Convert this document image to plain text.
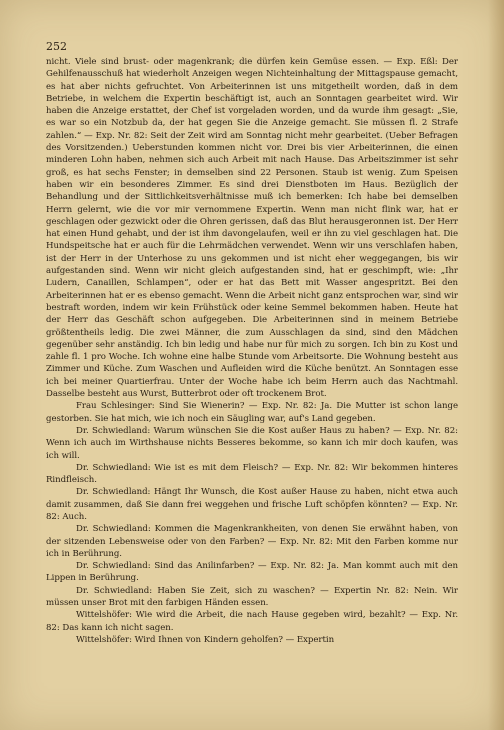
252

nicht. Viele sind brust- oder magenkrank; die dürfen kein Gemüse essen. — Exp. Eßl: Der Gehilfenausschuß hat wiederholt Anzeigen wegen Nichteinhaltung der Mittagspause gemacht, es hat aber nichts gefruchtet. Von Arbeiterinnen ist uns mitgetheilt worden, daß in dem Betriebe, in welchem die Expertin beschäftigt ist, auch an Sonntagen gearbeitet wird. Wir haben die Anzeige erstattet, der Chef ist vorgeladen worden, und da wurde ihm gesagt: „Sie, es war so ein Notzbub da, der hat gegen Sie die Anzeige gemacht. Sie müssen fl. 2 Strafe zahlen.“ — Exp. Nr. 82: Seit der Zeit wird am Sonntag nicht mehr gearbeitet. (Ueber Befragen des Vorsitzenden.) Ueberstunden kommen nicht vor. Drei bis vier Arbeiterinnen, die einen minderen Lohn haben, nehmen sich auch Arbeit mit nach Hause. Das Arbeitszimmer ist sehr groß, es hat sechs Fenster; in demselben sind 22 Personen. Staub ist wenig. Zum Speisen haben wir ein besonderes Zimmer. Es sind drei Dienstboten im Haus. Bezüglich der Behandlung und der Sittlichkeitsverhältnisse muß ich bemerken: Ich habe bei demselben Herrn gelernt, wie die vor mir vernommene Expertin. Wenn man nicht flink war, hat er geschlagen oder gezwickt oder die Ohren gerissen, daß das Blut herausgeronnen ist. Der Herr hat einen Hund gehabt, und der ist ihm davongelaufen, weil er ihn zu viel geschlagen hat. Die Hundspeitsche hat er auch für die Lehrmädchen verwendet. Wenn wir uns verschlafen haben, ist der Herr in der Unterhose zu uns gekommen und ist nicht eher weggegangen, bis wir aufgestanden sind. Wenn wir nicht gleich aufgestanden sind, hat er geschimpft, wie: „Ihr Ludern, Canaillen, Schlampen“, oder er hat das Bett mit Wasser angespritzt. Bei den Arbeiterinnen hat er es ebenso gemacht. Wenn die Arbeit nicht ganz entsprochen war, sind wir bestraft worden, indem wir kein Frühstück oder keine Semmel bekommen haben. Heute hat der Herr das Geschäft schon aufgegeben. Die Arbeiterinnen sind in meinem Betriebe größtentheils ledig. Die zwei Männer, die zum Ausschlagen da sind, sind den Mädchen gegenüber sehr anständig. Ich bin ledig und habe nur für mich zu sorgen. Ich bin zu Kost und zahle fl. 1 pro Woche. Ich wohne eine halbe Stunde vom Arbeitsorte. Die Wohnung besteht aus Zimmer und Küche. Zum Waschen und Aufleiden wird die Küche benützt. An Sonntagen esse ich bei meiner Quartierfrau. Unter der Woche habe ich beim Herrn auch das Nachtmahl. Dasselbe besteht aus Wurst, Butterbrot oder oft trockenem Brot.

Frau Schlesinger: Sind Sie Wienerin? — Exp. Nr. 82: Ja. Die Mutter ist schon lange gestorben. Sie hat mich, wie ich noch ein Säugling war, auf's Land gegeben.

Dr. Schwiedland: Warum wünschen Sie die Kost außer Haus zu haben? — Exp. Nr. 82: Wenn ich auch im Wirthshause nichts Besseres bekomme, so kann ich mir doch kaufen, was ich will.

Dr. Schwiedland: Wie ist es mit dem Fleisch? — Exp. Nr. 82: Wir bekommen hinteres Rindfleisch.

Dr. Schwiedland: Hängt Ihr Wunsch, die Kost außer Hause zu haben, nicht etwa auch damit zusammen, daß Sie dann frei weggehen und frische Luft schöpfen könnten? — Exp. Nr. 82: Auch.

Dr. Schwiedland: Kommen die Magenkrankheiten, von denen Sie erwähnt haben, von der sitzenden Lebensweise oder von den Farben? — Exp. Nr. 82: Mit den Farben komme nur ich in Berührung.

Dr. Schwiedland: Sind das Anilinfarben? — Exp. Nr. 82: Ja. Man kommt auch mit den Lippen in Berührung.

Dr. Schwiedland: Haben Sie Zeit, sich zu waschen? — Expertin Nr. 82: Nein. Wir müssen unser Brot mit den farbigen Händen essen.

Wittelshöfer: Wie wird die Arbeit, die nach Hause gegeben wird, bezahlt? — Exp. Nr. 82: Das kann ich nicht sagen.

Wittelshöfer: Wird Ihnen von Kindern geholfen? — Expertin
